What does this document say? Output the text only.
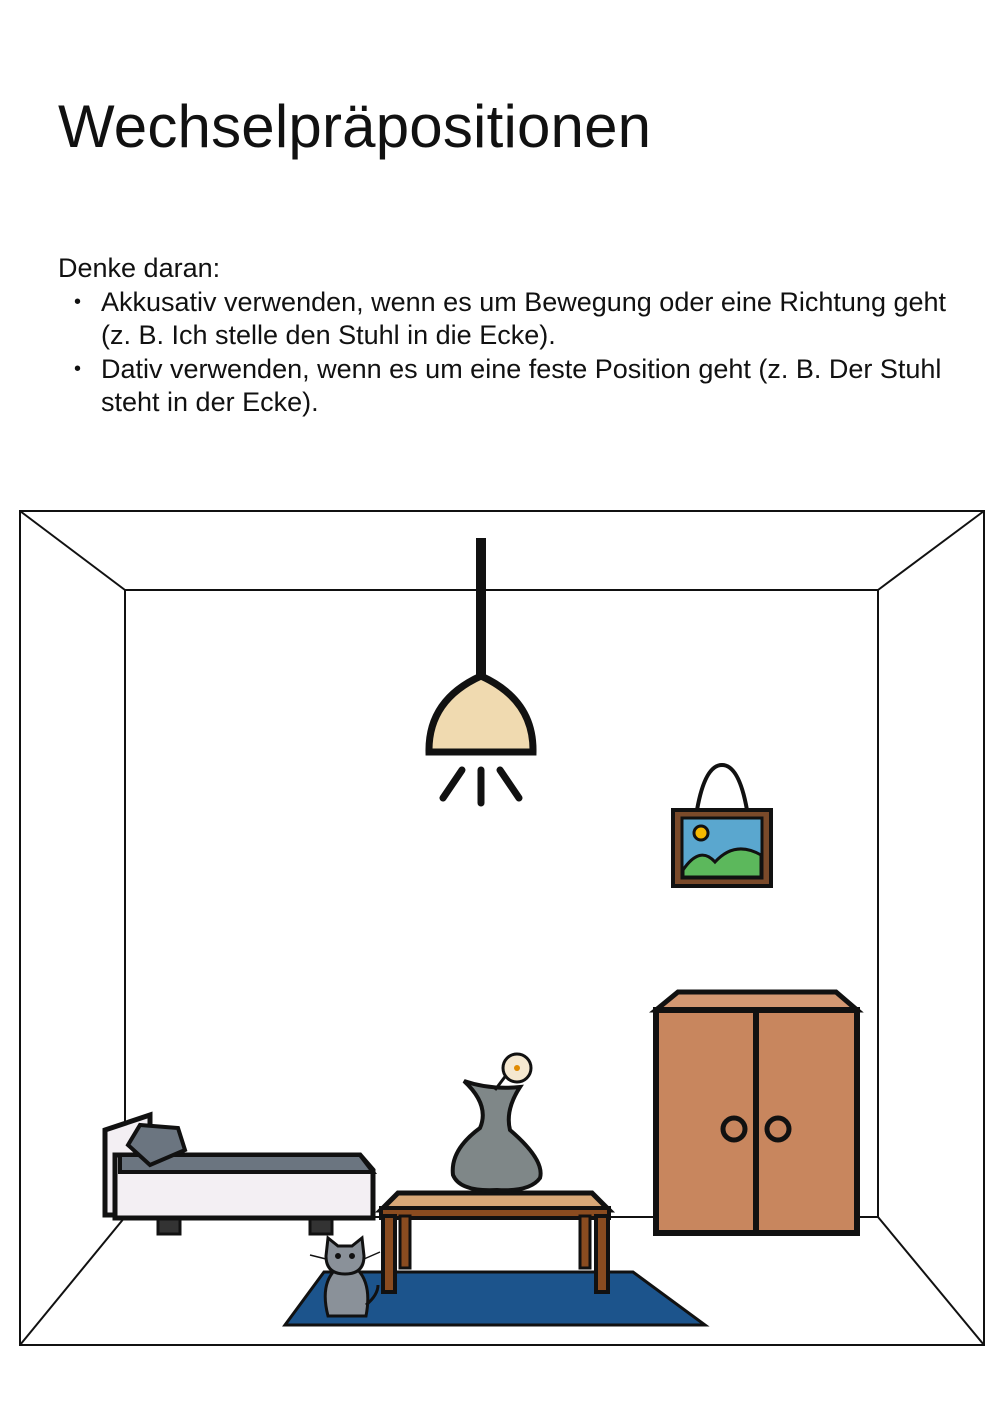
Wechselpräpositionen
Denke daran:
• Akkusativ verwenden, wenn es um Bewegung oder eine Richtung geht (z. B. Ich stelle den Stuhl in die Ecke).
• Dativ verwenden, wenn es um eine feste Position geht (z. B. Der Stuhl steht in der Ecke).
